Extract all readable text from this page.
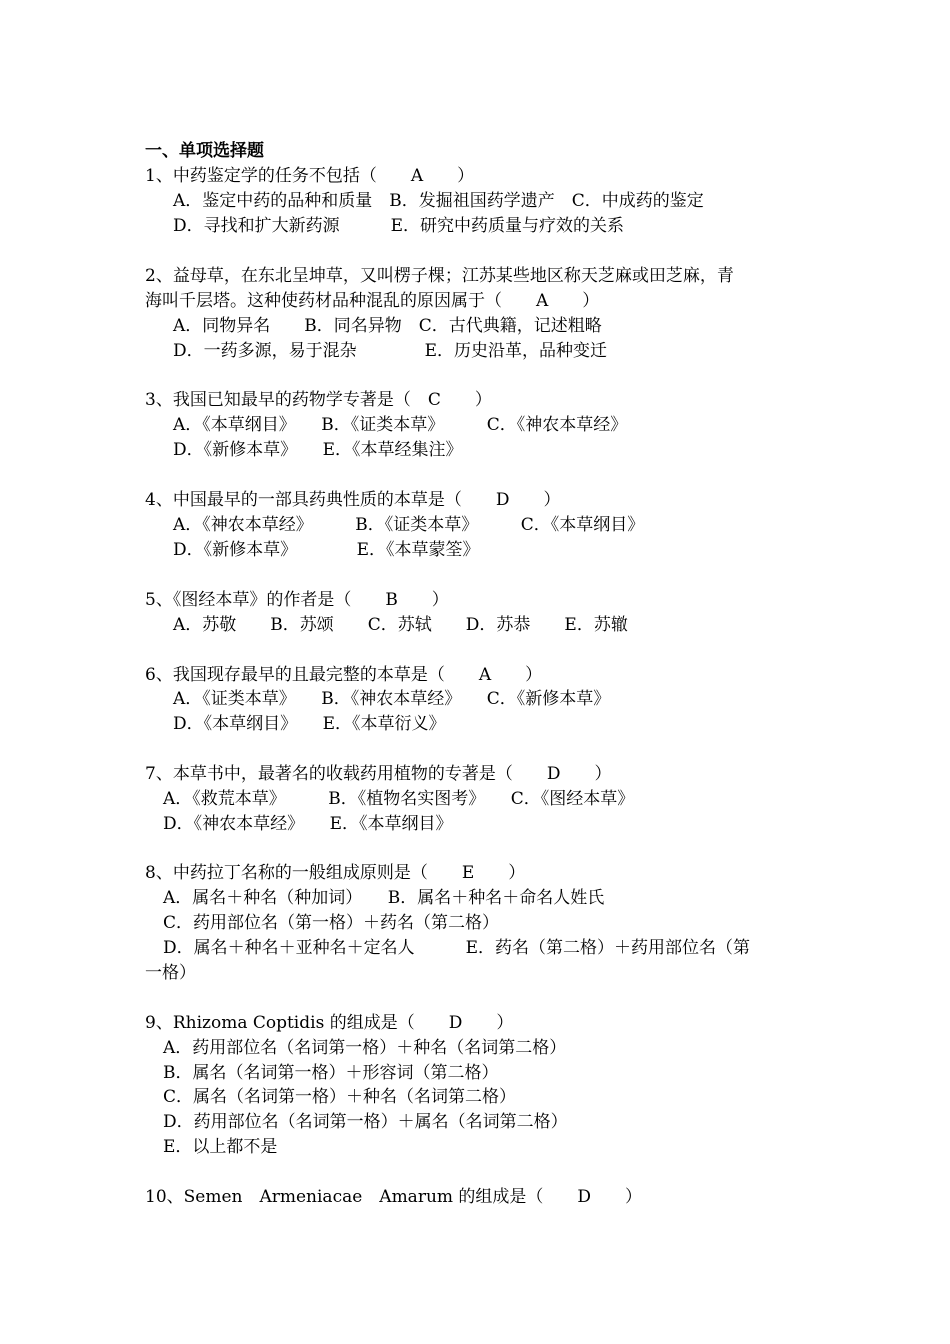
一、单项选择题
1、中药鉴定学的任务不包括（　　A　　）
A．鉴定中药的品种和质量　B．发掘祖国药学遗产　C．中成药的鉴定
D．寻找和扩大新药源　　　E．研究中药质量与疗效的关系
2、益母草，在东北呈坤草，又叫楞子棵；江苏某些地区称天芝麻或田芝麻，青
海叫千层塔。这种使药材品种混乱的原因属于（　　A　　）
A．同物异名　　B．同名异物　C．古代典籍，记述粗略
D．一药多源，易于混杂　　　　E．历史沿革，品种变迁
3、我国已知最早的药物学专著是（　C　　）
A．《本草纲目》　　B．《证类本草》　　　C．《神农本草经》
D．《新修本草》　　E．《本草经集注》
4、中国最早的一部具药典性质的本草是（　　D　　）
A．《神农本草经》　　　B．《证类本草》　　　C．《本草纲目》
D．《新修本草》　　　　E．《本草蒙筌》
5、《图经本草》的作者是（　　B　　）
A．苏敬　　B．苏颂　　C．苏轼　　D．苏恭　　E．苏辙
6、我国现存最早的且最完整的本草是（　　A　　）
A．《证类本草》　　B．《神农本草经》　　C．《新修本草》
D．《本草纲目》　　E．《本草衍义》
7、本草书中，最著名的收载药用植物的专著是（　　D　　）
A．《救荒本草》　　　B．《植物名实图考》　　C．《图经本草》
D．《神农本草经》　　E．《本草纲目》
8、中药拉丁名称的一般组成原则是（　　E　　）
A．属名＋种名（种加词）　　B．属名＋种名＋命名人姓氏
C．药用部位名（第一格）＋药名（第二格）
D．属名＋种名＋亚种名＋定名人　　　E．药名（第二格）＋药用部位名（第
一格）
9、Rhizoma Coptidis 的组成是（　　D　　）
A．药用部位名（名词第一格）＋种名（名词第二格）
B．属名（名词第一格）＋形容词（第二格）
C．属名（名词第一格）＋种名（名词第二格）
D．药用部位名（名词第一格）＋属名（名词第二格）
E．以上都不是
10、Semen　Armeniacae　Amarum 的组成是（　　D　　）
